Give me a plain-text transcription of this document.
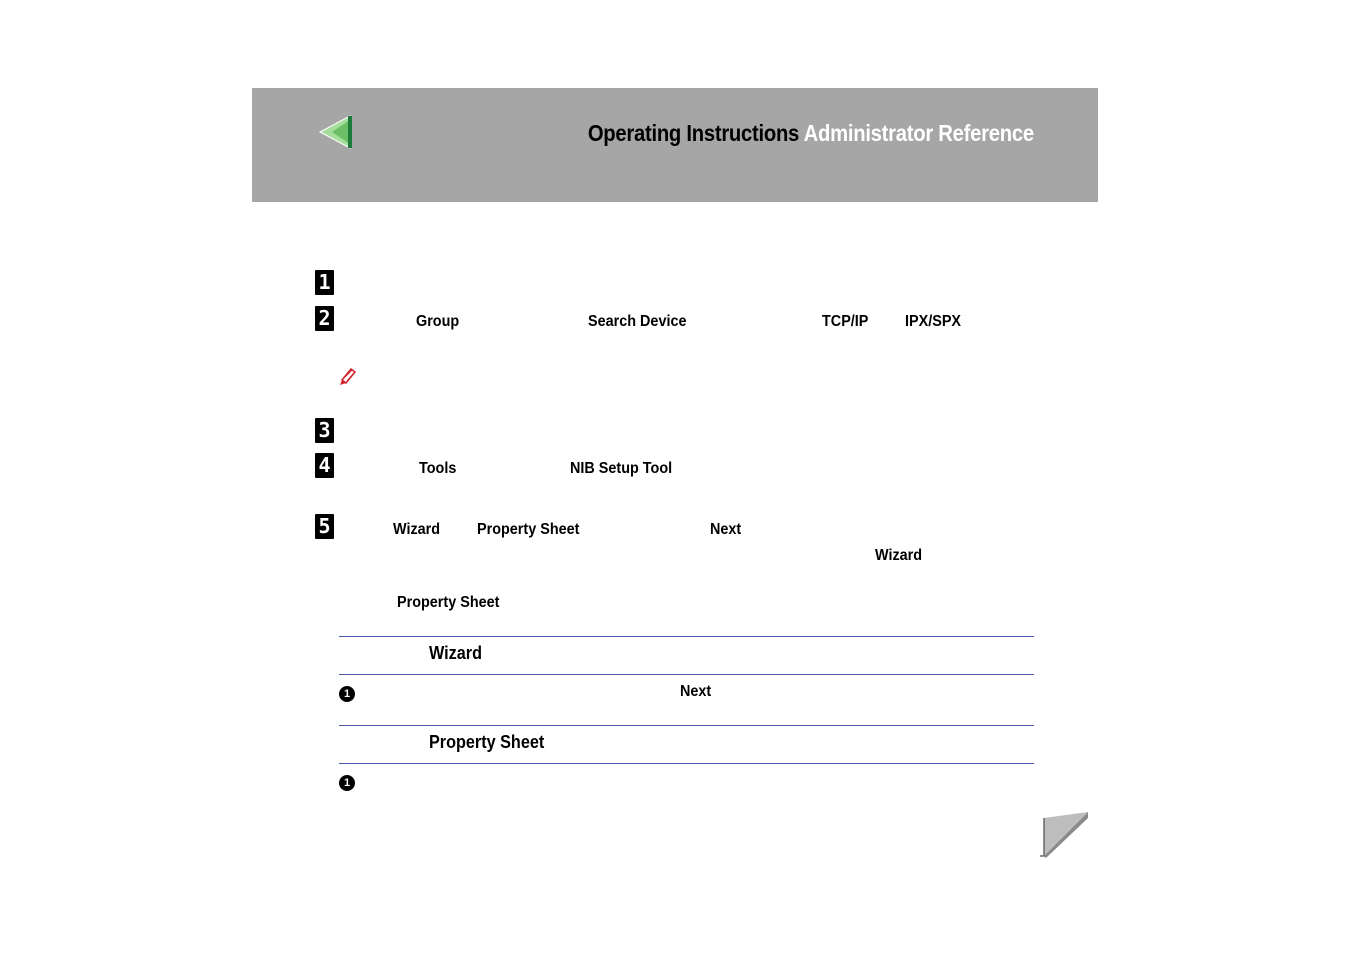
Operating Instructions Administrator Reference
1
2	Group	Search Device	TCP/IP IPX/SPX
3
4	Tools	NIB Setup Tool
5	Wizard Property Sheet	Next
Wizard
Property Sheet
Wizard
1	Next
Property Sheet
1
